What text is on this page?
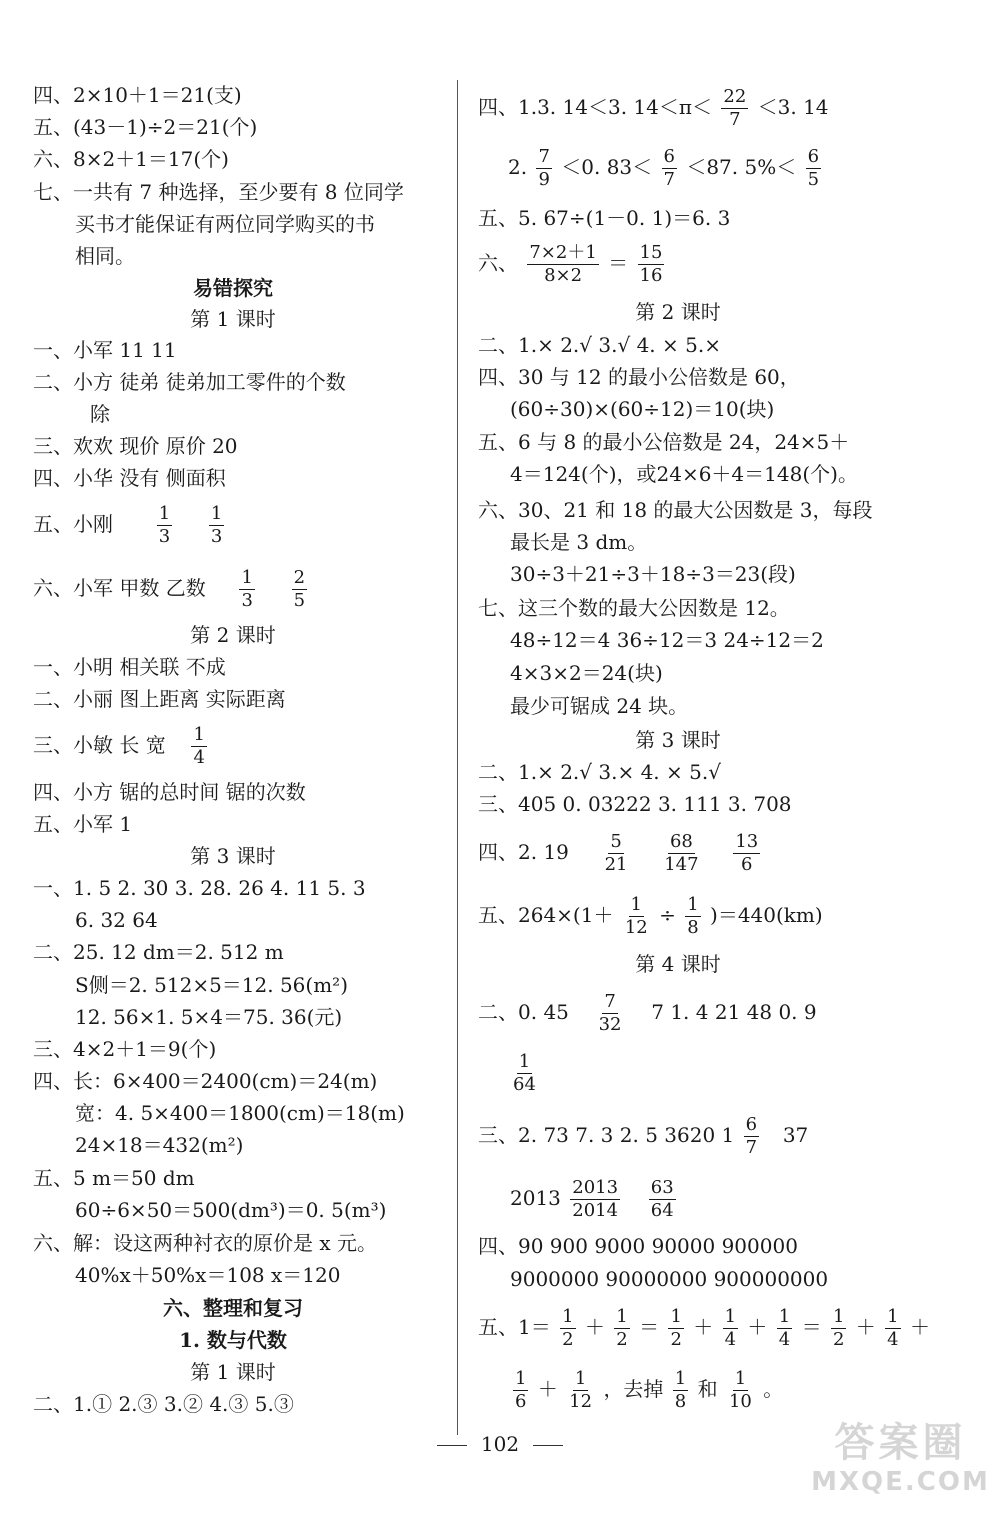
四、2×10＋1＝21(支)
五、(43－1)÷2＝21(个)
六、8×2＋1＝17(个)
七、一共有 7 种选择，至少要有 8 位同学
买书才能保证有两位同学购买的书
相同。
易错探究
第 1 课时
一、小军 11 11
二、小方 徒弟 徒弟加工零件的个数
除
三、欢欢 现价 原价 20
四、小华 没有 侧面积
五、小刚 $\frac{1}{3}$
$\frac{1}{3}$
六、小军 甲数 乙数 $\frac{1}{3}$
$\frac{2}{5}$
第 2 课时
一、小明 相关联 不成
二、小丽 图上距离 实际距离
三、小敏 长 宽 $\frac{1}{4}$
四、小方 锯的总时间 锯的次数
五、小军 1
第 3 课时
一、1. 5 2. 30 3. 28. 26 4. 11 5. 3
6. 32 64
二、25. 12 dm＝2. 512 m
S侧＝2. 512×5＝12. 56(m²)
12. 56×1. 5×4＝75. 36(元)
三、4×2＋1＝9(个)
四、长：6×400＝2400(cm)＝24(m)
宽：4. 5×400＝1800(cm)＝18(m)
24×18＝432(m²)
五、5 m＝50 dm
60÷6×50＝500(dm³)＝0. 5(m³)
六、解：设这两种衬衣的原价是 x 元。
40%x＋50%x＝108 x＝120
六、整理和复习
1. 数与代数
第 1 课时
二、1.① 2.③ 3.② 4.③ 5.③
四、1.3. 14＜3. $14<\pi< \frac{22}{7} <3$. 14
2. $\frac{7}{9} <0$. $83< \frac{6}{7} <87$. $5\%< \frac{6}{5}$
五、5. 67÷(1－0. 1)＝6. 3
六、 $\frac{7\times 2+1}{8\times 2} = \frac{15}{16}$
第 2 课时
二、1.× 2.√ 3.√ 4. × 5.×
四、30 与 12 的最小公倍数是 60，
(60÷30)×(60÷12)＝10(块)
五、6 与 8 的最小公倍数是 24，24×5＋
4＝124(个)，或24×6＋4＝148(个)。
六、30、21 和 18 的最大公因数是 3，每段
最长是 3 dm。
30÷3＋21÷3＋18÷3＝23(段)
七、这三个数的最大公因数是 12。
48÷12＝4 36÷12＝3 24÷12＝2
4×3×2＝24(块)
最少可锯成 24 块。
第 3 课时
二、1.× 2.√ 3.× 4. × 5.√
三、405 0. 03222 3. 111 3. 708
四、2. $19 \frac{5}{21}$
$\frac{68}{147}$
$\frac{13}{6}$
五、$264\times(1+ \frac{1}{12} \div \frac{1}{8} )=440(km)$
第 4 课时
二、0. $45 \frac{7}{32} 7$ 1. 4 21 48 0. 9
$\frac{1}{64}$
三、2. 73 7. 3 2. 5 3620 $1 \frac{6}{7} 37$
$2013 \frac{2013}{2014}$
$\frac{63}{64}$
四、90 900 9000 90000 900000
9000000 90000000 900000000
五、$1= \frac{1}{2} + \frac{1}{2} = \frac{1}{2} + \frac{1}{4} + \frac{1}{4} = \frac{1}{2} + \frac{1}{4}$ ＋
$\frac{1}{6} + \frac{1}{12}$ ，去掉 $\frac{1}{8}$ 和 $\frac{1}{10}$ 。
102	答案圈
MXQE.COM
